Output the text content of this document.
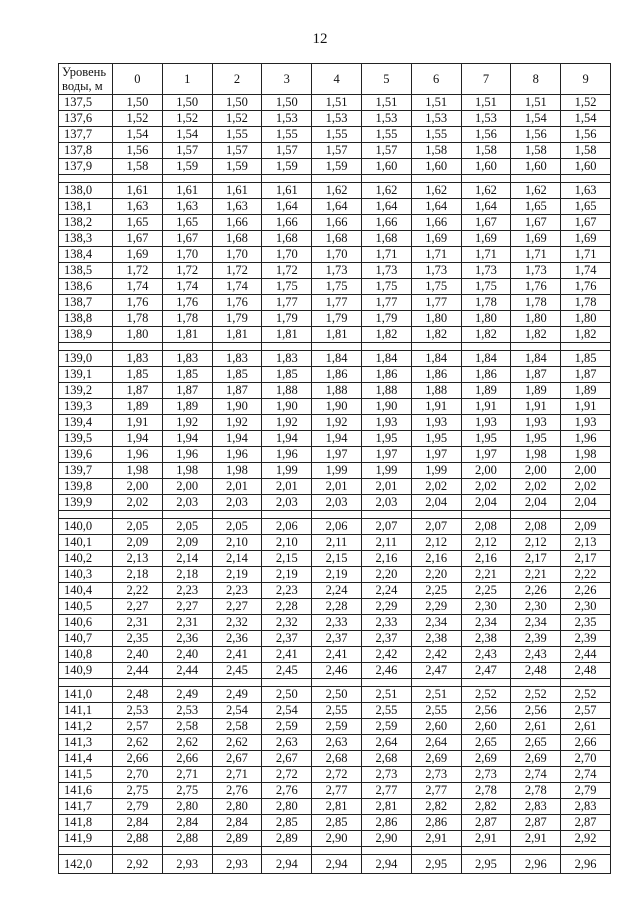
12
Уровень воды, м	0	1	2	3	4	5	6	7	8	9
137,5	1,50	1,50	1,50	1,50	1,51	1,51	1,51	1,51	1,51	1,52
137,6	1,52	1,52	1,52	1,53	1,53	1,53	1,53	1,53	1,54	1,54
137,7	1,54	1,54	1,55	1,55	1,55	1,55	1,55	1,56	1,56	1,56
137,8	1,56	1,57	1,57	1,57	1,57	1,57	1,58	1,58	1,58	1,58
137,9	1,58	1,59	1,59	1,59	1,59	1,60	1,60	1,60	1,60	1,60

138,0	1,61	1,61	1,61	1,61	1,62	1,62	1,62	1,62	1,62	1,63
138,1	1,63	1,63	1,63	1,64	1,64	1,64	1,64	1,64	1,65	1,65
138,2	1,65	1,65	1,66	1,66	1,66	1,66	1,66	1,67	1,67	1,67
138,3	1,67	1,67	1,68	1,68	1,68	1,68	1,69	1,69	1,69	1,69
138,4	1,69	1,70	1,70	1,70	1,70	1,71	1,71	1,71	1,71	1,71
138,5	1,72	1,72	1,72	1,72	1,73	1,73	1,73	1,73	1,73	1,74
138,6	1,74	1,74	1,74	1,75	1,75	1,75	1,75	1,75	1,76	1,76
138,7	1,76	1,76	1,76	1,77	1,77	1,77	1,77	1,78	1,78	1,78
138,8	1,78	1,78	1,79	1,79	1,79	1,79	1,80	1,80	1,80	1,80
138,9	1,80	1,81	1,81	1,81	1,81	1,82	1,82	1,82	1,82	1,82

139,0	1,83	1,83	1,83	1,83	1,84	1,84	1,84	1,84	1,84	1,85
139,1	1,85	1,85	1,85	1,85	1,86	1,86	1,86	1,86	1,87	1,87
139,2	1,87	1,87	1,87	1,88	1,88	1,88	1,88	1,89	1,89	1,89
139,3	1,89	1,89	1,90	1,90	1,90	1,90	1,91	1,91	1,91	1,91
139,4	1,91	1,92	1,92	1,92	1,92	1,93	1,93	1,93	1,93	1,93
139,5	1,94	1,94	1,94	1,94	1,94	1,95	1,95	1,95	1,95	1,96
139,6	1,96	1,96	1,96	1,96	1,97	1,97	1,97	1,97	1,98	1,98
139,7	1,98	1,98	1,98	1,99	1,99	1,99	1,99	2,00	2,00	2,00
139,8	2,00	2,00	2,01	2,01	2,01	2,01	2,02	2,02	2,02	2,02
139,9	2,02	2,03	2,03	2,03	2,03	2,03	2,04	2,04	2,04	2,04

140,0	2,05	2,05	2,05	2,06	2,06	2,07	2,07	2,08	2,08	2,09
140,1	2,09	2,09	2,10	2,10	2,11	2,11	2,12	2,12	2,12	2,13
140,2	2,13	2,14	2,14	2,15	2,15	2,16	2,16	2,16	2,17	2,17
140,3	2,18	2,18	2,19	2,19	2,19	2,20	2,20	2,21	2,21	2,22
140,4	2,22	2,23	2,23	2,23	2,24	2,24	2,25	2,25	2,26	2,26
140,5	2,27	2,27	2,27	2,28	2,28	2,29	2,29	2,30	2,30	2,30
140,6	2,31	2,31	2,32	2,32	2,33	2,33	2,34	2,34	2,34	2,35
140,7	2,35	2,36	2,36	2,37	2,37	2,37	2,38	2,38	2,39	2,39
140,8	2,40	2,40	2,41	2,41	2,41	2,42	2,42	2,43	2,43	2,44
140,9	2,44	2,44	2,45	2,45	2,46	2,46	2,47	2,47	2,48	2,48

141,0	2,48	2,49	2,49	2,50	2,50	2,51	2,51	2,52	2,52	2,52
141,1	2,53	2,53	2,54	2,54	2,55	2,55	2,55	2,56	2,56	2,57
141,2	2,57	2,58	2,58	2,59	2,59	2,59	2,60	2,60	2,61	2,61
141,3	2,62	2,62	2,62	2,63	2,63	2,64	2,64	2,65	2,65	2,66
141,4	2,66	2,66	2,67	2,67	2,68	2,68	2,69	2,69	2,69	2,70
141,5	2,70	2,71	2,71	2,72	2,72	2,73	2,73	2,73	2,74	2,74
141,6	2,75	2,75	2,76	2,76	2,77	2,77	2,77	2,78	2,78	2,79
141,7	2,79	2,80	2,80	2,80	2,81	2,81	2,82	2,82	2,83	2,83
141,8	2,84	2,84	2,84	2,85	2,85	2,86	2,86	2,87	2,87	2,87
141,9	2,88	2,88	2,89	2,89	2,90	2,90	2,91	2,91	2,91	2,92

142,0	2,92	2,93	2,93	2,94	2,94	2,94	2,95	2,95	2,96	2,96
